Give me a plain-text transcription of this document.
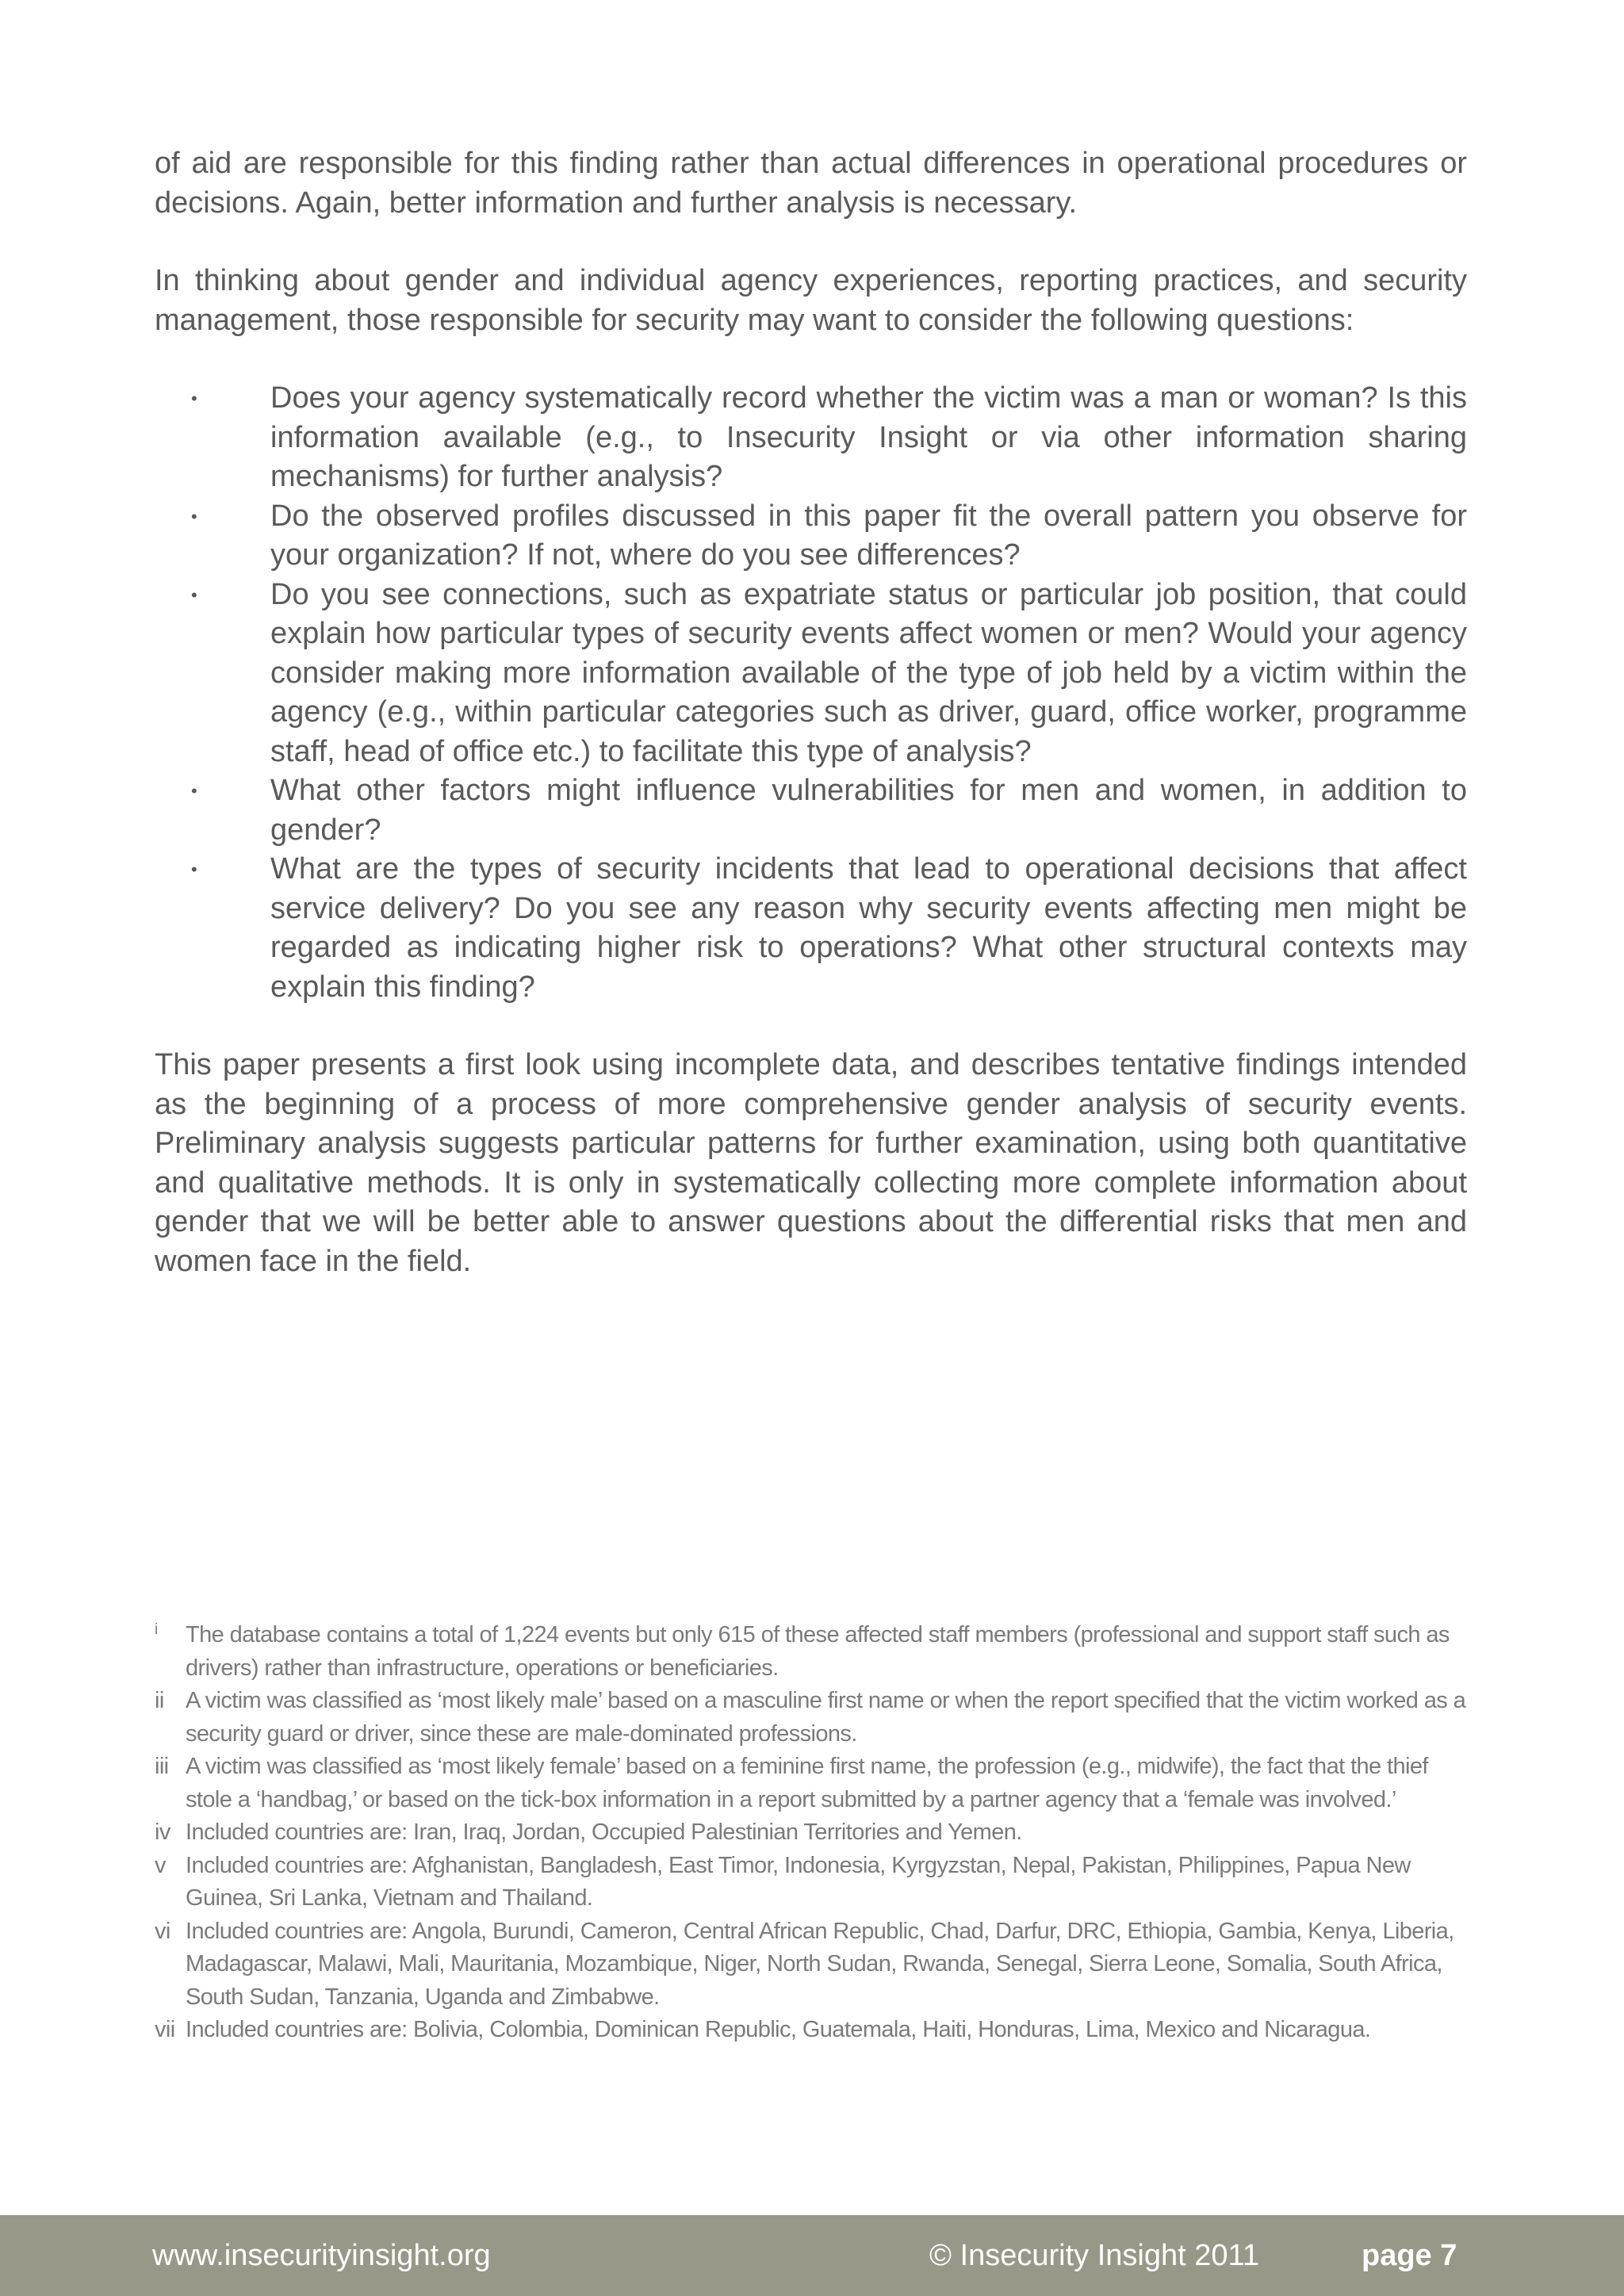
of aid are responsible for this finding rather than actual differences in operational procedures or decisions. Again, better information and further analysis is necessary.

In thinking about gender and individual agency experiences, reporting practices, and security management, those responsible for security may want to consider the following questions:

• Does your agency systematically record whether the victim was a man or woman? Is this information available (e.g., to Insecurity Insight or via other information sharing mechanisms) for further analysis?
• Do the observed profiles discussed in this paper fit the overall pattern you observe for your organization? If not, where do you see differences?
• Do you see connections, such as expatriate status or particular job position, that could explain how particular types of security events affect women or men? Would your agency consider making more information available of the type of job held by a victim within the agency (e.g., within particular categories such as driver, guard, office worker, programme staff, head of office etc.) to facilitate this type of analysis?
• What other factors might influence vulnerabilities for men and women, in addition to gender?
• What are the types of security incidents that lead to operational decisions that affect service delivery? Do you see any reason why security events affecting men might be regarded as indicating higher risk to operations? What other structural contexts may explain this finding?

This paper presents a first look using incomplete data, and describes tentative findings intended as the beginning of a process of more comprehensive gender analysis of security events. Preliminary analysis suggests particular patterns for further examination, using both quantitative and qualitative methods. It is only in systematically collecting more complete information about gender that we will be better able to answer questions about the differential risks that men and women face in the field.

i The database contains a total of 1,224 events but only 615 of these affected staff members (professional and support staff such as drivers) rather than infrastructure, operations or beneficiaries.
ii A victim was classified as ‘most likely male’ based on a masculine first name or when the report specified that the victim worked as a security guard or driver, since these are male-dominated professions.
iii A victim was classified as ‘most likely female’ based on a feminine first name, the profession (e.g., midwife), the fact that the thief stole a ‘handbag,’ or based on the tick-box information in a report submitted by a partner agency that a ‘female was involved.’
iv Included countries are: Iran, Iraq, Jordan, Occupied Palestinian Territories and Yemen.
v Included countries are: Afghanistan, Bangladesh, East Timor, Indonesia, Kyrgyzstan, Nepal, Pakistan, Philippines, Papua New Guinea, Sri Lanka, Vietnam and Thailand.
vi Included countries are: Angola, Burundi, Cameron, Central African Republic, Chad, Darfur, DRC, Ethiopia, Gambia, Kenya, Liberia, Madagascar, Malawi, Mali, Mauritania, Mozambique, Niger, North Sudan, Rwanda, Senegal, Sierra Leone, Somalia, South Africa, South Sudan, Tanzania, Uganda and Zimbabwe.
vii Included countries are: Bolivia, Colombia, Dominican Republic, Guatemala, Haiti, Honduras, Lima, Mexico and Nicaragua.
www.insecurityinsight.org	© Insecurity Insight 2011	page 7
